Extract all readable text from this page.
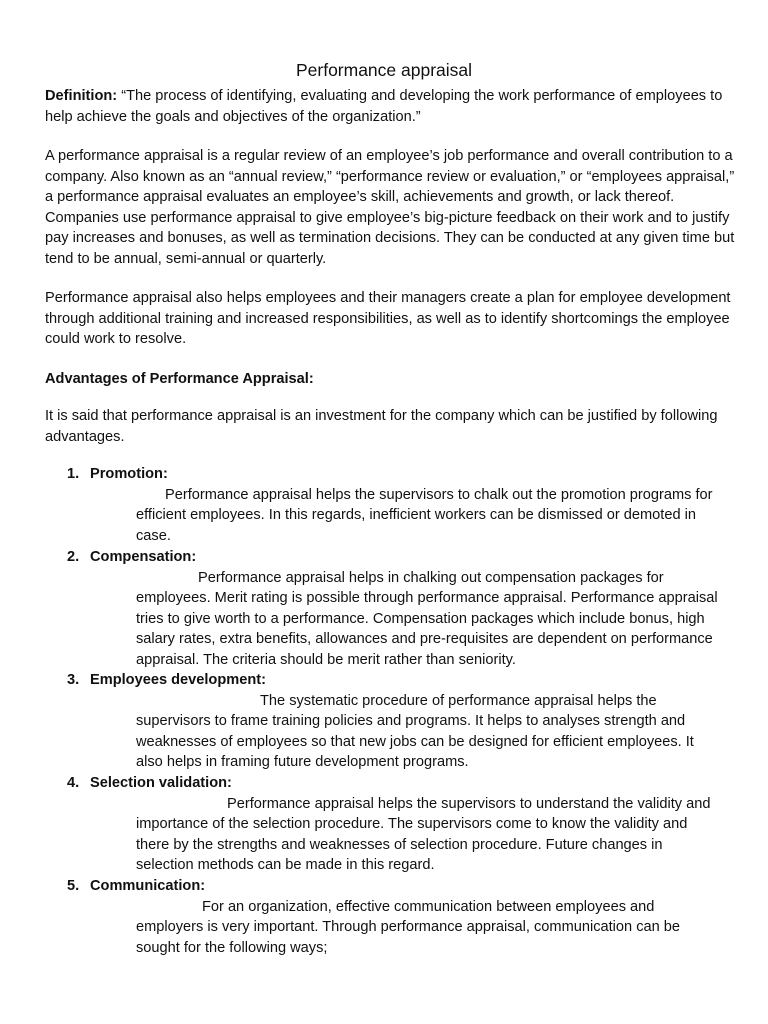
Performance appraisal

Definition: “The process of identifying, evaluating and developing the work performance of employees to help achieve the goals and objectives of the organization.”

A performance appraisal is a regular review of an employee’s job performance and overall contribution to a company. Also known as an “annual review,” “performance review or evaluation,” or “employees appraisal,” a performance appraisal evaluates an employee’s skill, achievements and growth, or lack thereof. Companies use performance appraisal to give employee’s big-picture feedback on their work and to justify pay increases and bonuses, as well as termination decisions. They can be conducted at any given time but tend to be annual, semi-annual or quarterly.

Performance appraisal also helps employees and their managers create a plan for employee development through additional training and increased responsibilities, as well as to identify shortcomings the employee could work to resolve.

Advantages of Performance Appraisal:

It is said that performance appraisal is an investment for the company which can be justified by following advantages.

1. Promotion:

Performance appraisal helps the supervisors to chalk out the promotion programs for efficient employees. In this regards, inefficient workers can be dismissed or demoted in case.

2. Compensation:

Performance appraisal helps in chalking out compensation packages for employees. Merit rating is possible through performance appraisal. Performance appraisal tries to give worth to a performance. Compensation packages which include bonus, high salary rates, extra benefits, allowances and pre-requisites are dependent on performance appraisal. The criteria should be merit rather than seniority.

3. Employees development:

The systematic procedure of performance appraisal helps the supervisors to frame training policies and programs. It helps to analyses strength and weaknesses of employees so that new jobs can be designed for efficient employees. It also helps in framing future development programs.

4. Selection validation:

Performance appraisal helps the supervisors to understand the validity and importance of the selection procedure. The supervisors come to know the validity and there by the strengths and weaknesses of selection procedure. Future changes in selection methods can be made in this regard.

5. Communication:

For an organization, effective communication between employees and employers is very important. Through performance appraisal, communication can be sought for the following ways;
